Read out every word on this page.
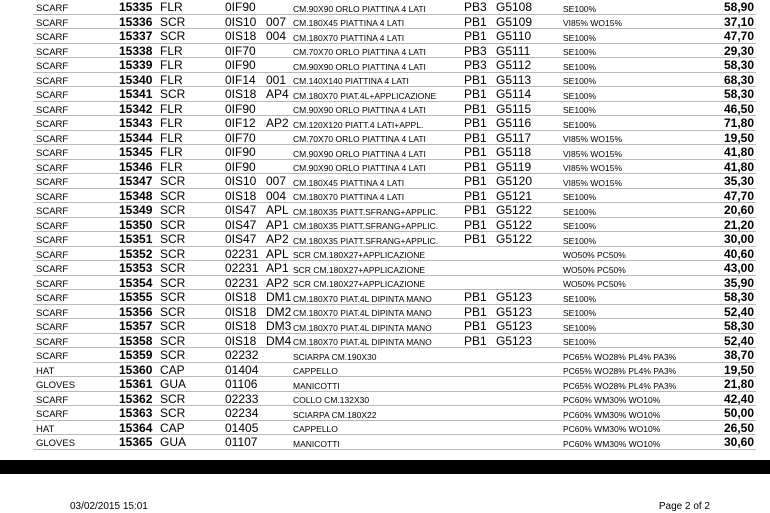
SCARF	15335 FLR	0IF90	CM.90X90 ORLO PIATTINA 4 LATI	PB3 G5108	SE100%	58,90
SCARF	15336 SCR	0IS10 007 CM.180X45 PIATTINA 4 LATI	PB1 G5109	VI85% WO15%	37,10
SCARF	15337 SCR	0IS18 004 CM.180X70 PIATTINA 4 LATI	PB1 G5110	SE100%	47,70
SCARF	15338 FLR	0IF70	CM.70X70 ORLO PIATTINA 4 LATI	PB3 G5111	SE100%	29,30
SCARF	15339 FLR	0IF90	CM.90X90 ORLO PIATTINA 4 LATI	PB3 G5112	SE100%	58,30
SCARF	15340 FLR	0IF14 001 CM.140X140 PIATTINA 4 LATI	PB1 G5113	SE100%	68,30
SCARF	15341 SCR	0IS18 AP4 CM.180X70 PIAT.4L+APPLICAZIONE PB1 G5114	SE100%	58,30
SCARF	15342 FLR	0IF90	CM.90X90 ORLO PIATTINA 4 LATI	PB1 G5115	SE100%	46,50
SCARF	15343 FLR	0IF12 AP2 CM.120X120 PIATT.4 LATI+APPL.	PB1 G5116	SE100%	71,80
SCARF	15344 FLR	0IF70	CM.70X70 ORLO PIATTINA 4 LATI	PB1 G5117	VI85% WO15%	19,50
SCARF	15345 FLR	0IF90	CM.90X90 ORLO PIATTINA 4 LATI	PB1 G5118	VI85% WO15%	41,80
SCARF	15346 FLR	0IF90	CM.90X90 ORLO PIATTINA 4 LATI	PB1 G5119	VI85% WO15%	41,80
SCARF	15347 SCR	0IS10 007 CM.180X45 PIATTINA 4 LATI	PB1 G5120	VI85% WO15%	35,30
SCARF	15348 SCR	0IS18 004 CM.180X70 PIATTINA 4 LATI	PB1 G5121	SE100%	47,70
SCARF	15349 SCR	0IS47 APL CM.180X35 PIATT.SFRANG+APPLIC. PB1 G5122	SE100%	20,60
SCARF	15350 SCR	0IS47 AP1 CM.180X35 PIATT.SFRANG+APPLIC. PB1 G5122	SE100%	21,20
SCARF	15351 SCR	0IS47 AP2 CM.180X35 PIATT.SFRANG+APPLIC. PB1 G5122	SE100%	30,00
SCARF	15352 SCR	02231 APL SCR CM.180X27+APPLICAZIONE	WO50% PC50%	40,60
SCARF	15353 SCR	02231 AP1 SCR CM.180X27+APPLICAZIONE	WO50% PC50%	43,00
SCARF	15354 SCR	02231 AP2 SCR CM.180X27+APPLICAZIONE	WO50% PC50%	35,90
SCARF	15355 SCR	0IS18 DM1 CM.180X70 PIAT.4L DIPINTA MANO	PB1 G5123	SE100%	58,30
SCARF	15356 SCR	0IS18 DM2 CM.180X70 PIAT.4L DIPINTA MANO	PB1 G5123	SE100%	52,40
SCARF	15357 SCR	0IS18 DM3 CM.180X70 PIAT.4L DIPINTA MANO	PB1 G5123	SE100%	58,30
SCARF	15358 SCR	0IS18 DM4 CM.180X70 PIAT.4L DIPINTA MANO	PB1 G5123	SE100%	52,40
SCARF	15359 SCR	02232	SCIARPA CM.190X30	PC65% WO28% PL4% PA3%	38,70
HAT	15360 CAP	01404	CAPPELLO	PC65% WO28% PL4% PA3%	19,50
GLOVES	15361 GUA	01106	MANICOTTI	PC65% WO28% PL4% PA3%	21,80
SCARF	15362 SCR	02233	COLLO CM.132X30	PC60% WM30% WO10%	42,40
SCARF	15363 SCR	02234	SCIARPA CM.180X22	PC60% WM30% WO10%	50,00
HAT	15364 CAP	01405	CAPPELLO	PC60% WM30% WO10%	26,50
GLOVES	15365 GUA	01107	MANICOTTI	PC60% WM30% WO10%	30,60
03/02/2015 15:01	Page 2 of 2
